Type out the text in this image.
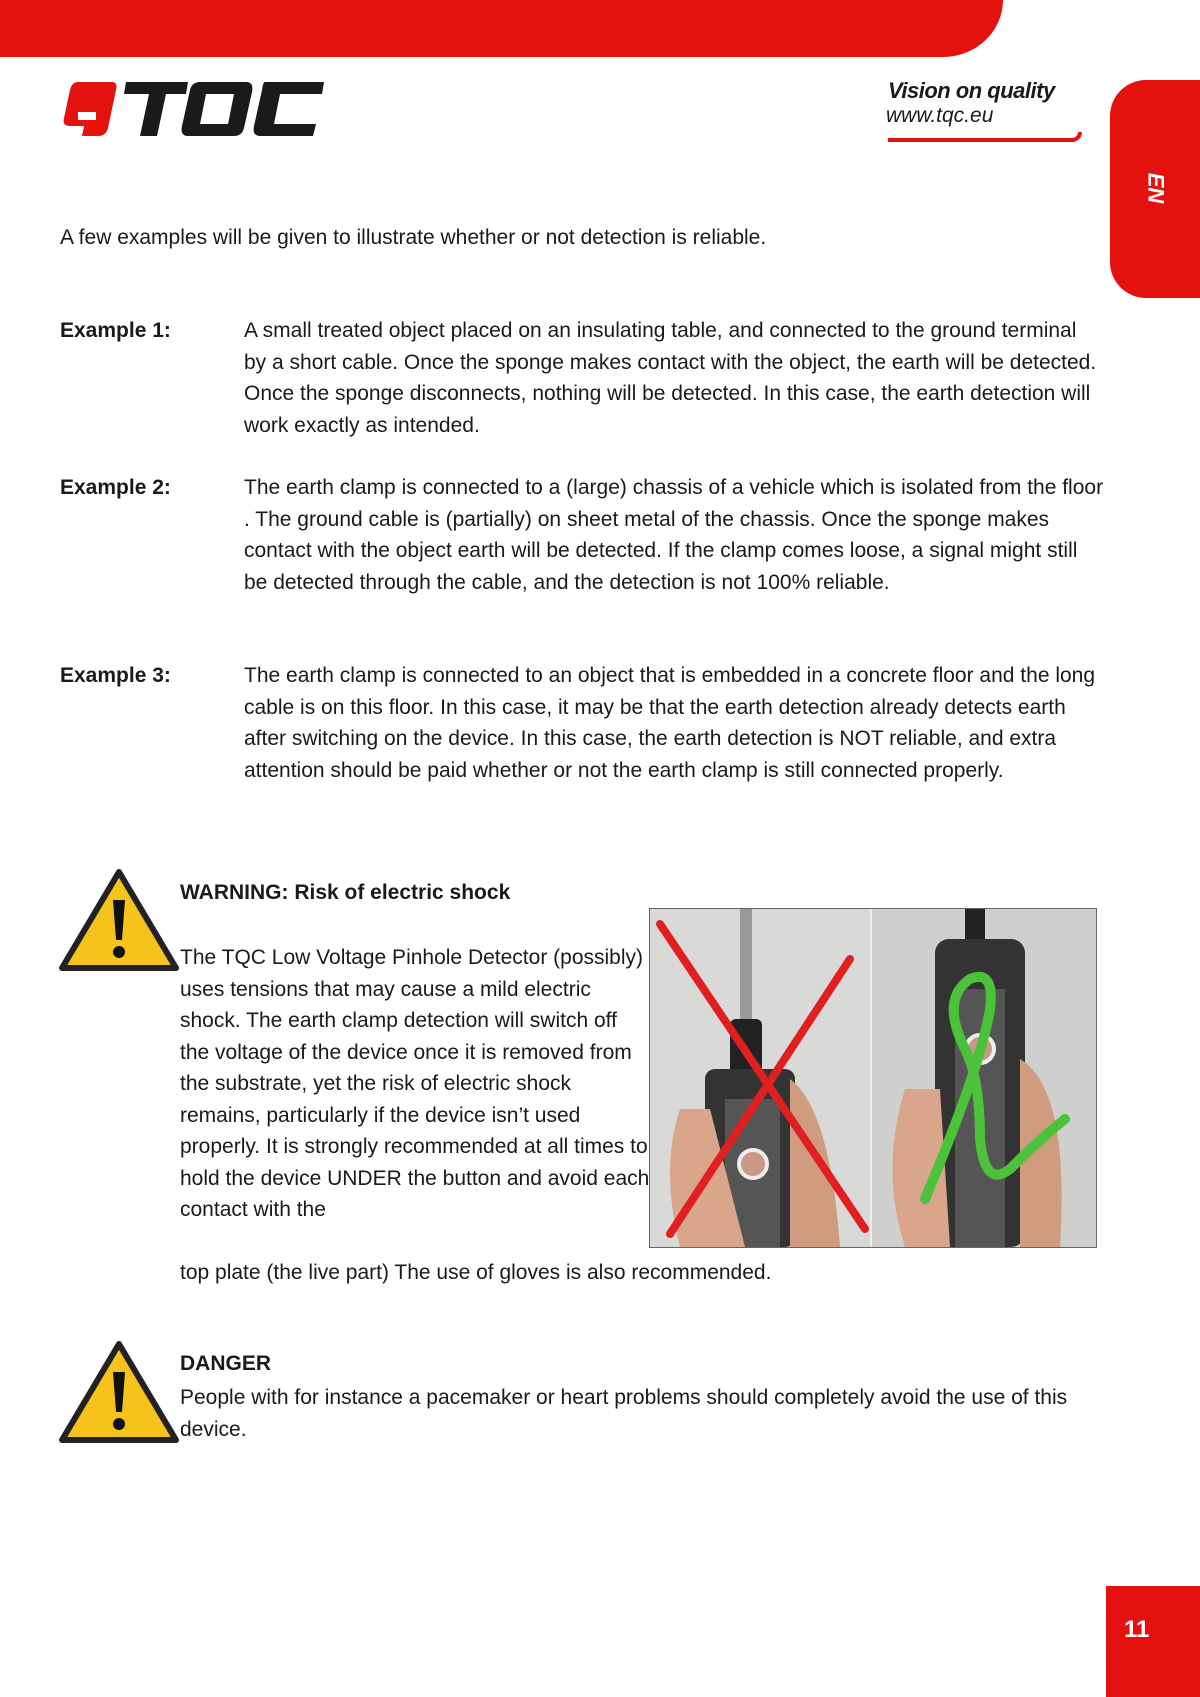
Vision on quality
www.tqc.eu
EN

A few examples will be given to illustrate whether or not detection is reliable.

Example 1:	A small treated object placed on an insulating table, and connected to the ground terminal by a short cable. Once the sponge makes contact with the object, the earth will be detected. Once the sponge disconnects, nothing will be detected. In this case, the earth detection will work exactly as intended.
Example 2:	The earth clamp is connected to a (large) chassis of a vehicle which is isolated from the floor . The ground cable is (partially) on sheet metal of the chassis. Once the sponge makes contact with the object earth will be detected. If the clamp comes loose, a signal might still be detected through the cable, and the detection is not 100% reliable.
Example 3:	The earth clamp is connected to an object that is embedded in a concrete floor and the long cable is on this floor. In this case, it may be that the earth detection already detects earth after switching on the device. In this case, the earth detection is NOT reliable, and extra attention should be paid whether or not the earth clamp is still connected properly.
WARNING: Risk of electric shock
The TQC Low Voltage Pinhole Detector (possibly) uses tensions that may cause a mild electric shock. The earth clamp detection will switch off the voltage of the device once it is removed from the substrate, yet the risk of electric shock remains, particularly if the device isn’t used properly. It is strongly recommended at all times to hold the device UNDER the button and avoid each contact with the
top plate (the live part) The use of gloves is also recommended.
DANGER
People with for instance a pacemaker or heart problems should completely avoid the use of this device.
11
